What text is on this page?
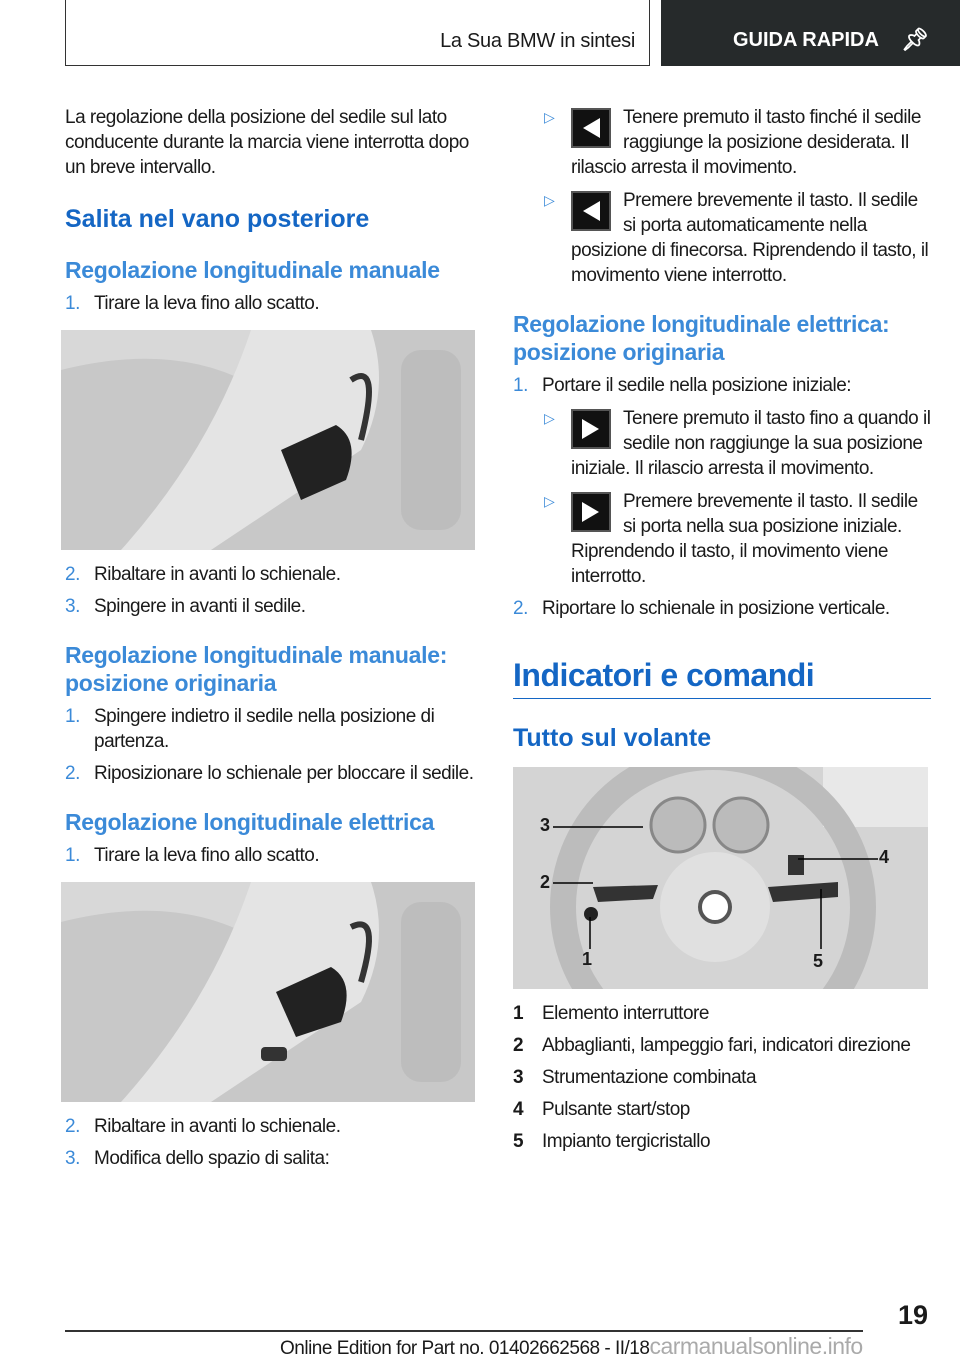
La Sua BMW in sintesi	GUIDA RAPIDA 📌︎

La regolazione della posizione del sedile sul lato conducente durante la marcia viene interrotta dopo un breve intervallo.

Salita nel vano posteriore
Regolazione longitudinale manuale
1. Tirare la leva fino allo scatto.
2. Ribaltare in avanti lo schienale.
3. Spingere in avanti il sedile.
Regolazione longitudinale manuale: posizione originaria
1. Spingere indietro il sedile nella posizione di partenza.
2. Riposizionare lo schienale per bloccare il sedile.
Regolazione longitudinale elettrica
1. Tirare la leva fino allo scatto.
2. Ribaltare in avanti lo schienale.
3. Modifica dello spazio di salita:
▷	Tenere premuto il tasto finché il sedile raggiunge la posizione desiderata. Il rilascio arresta il movimento.
▷	Premere brevemente il tasto. Il sedile si porta automaticamente nella posizione di finecorsa. Riprendendo il tasto, il movimento viene interrotto.
Regolazione longitudinale elettrica: posizione originaria
1. Portare il sedile nella posizione iniziale:
▷	Tenere premuto il tasto fino a quando il sedile non raggiunge la sua posizione iniziale. Il rilascio arresta il movimento.
▷	Premere brevemente il tasto. Il sedile si porta nella sua posizione iniziale. Riprendendo il tasto, il movimento viene interrotto.
2. Riportare lo schienale in posizione verticale.
Indicatori e comandi
Tutto sul volante
3
2
1
4
5
1 Elemento interruttore
2 Abbaglianti, lampeggio fari, indicatori direzione
3 Strumentazione combinata
4 Pulsante start/stop
5 Impianto tergicristallo
19
Online Edition for Part no. 01402662568 - II/18carmanualsonline.info
